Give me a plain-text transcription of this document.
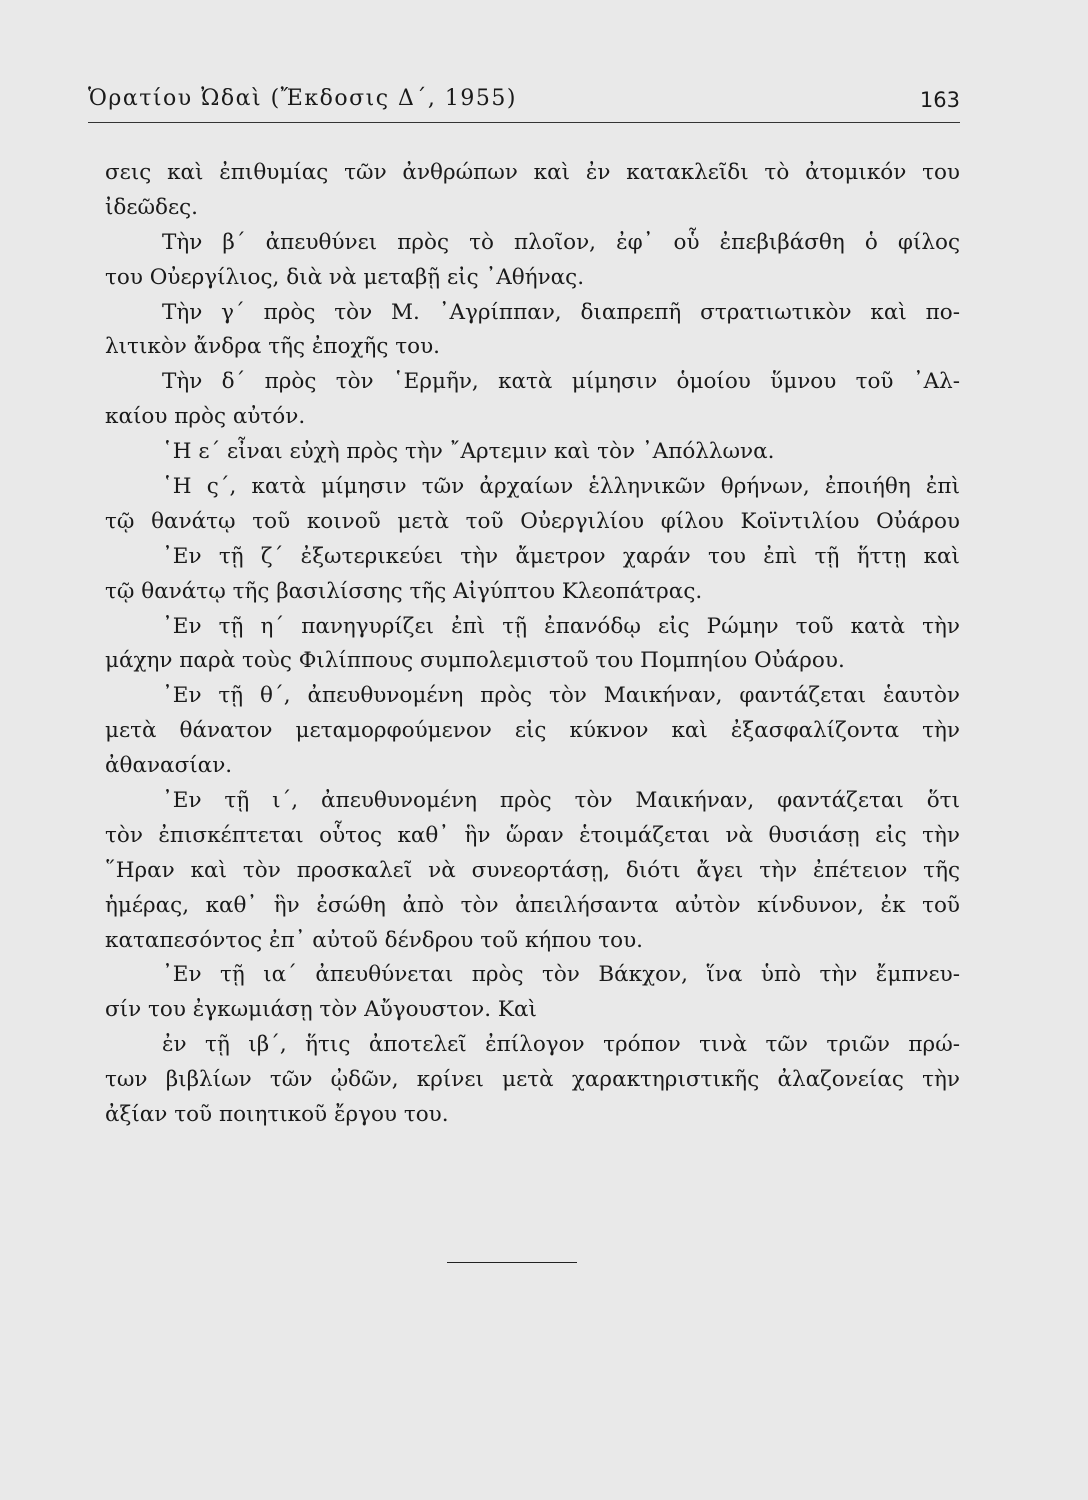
Ὁρατίου Ὠδαὶ (Ἔκδοσις Δ΄, 1955)	163
σεις καὶ ἐπιθυμίας τῶν ἀνθρώπων καὶ ἐν κατακλεῖδι τὸ ἀτομικόν του
ἰδεῶδες.
Τὴν β΄ ἀπευθύνει πρὸς τὸ πλοῖον, ἐφ᾽ οὗ ἐπεβιβάσθη ὁ φίλος
του Οὐεργίλιος, διὰ νὰ μεταβῇ εἰς ᾽Αθήνας.
Τὴν γ΄ πρὸς τὸν Μ. ᾽Αγρίππαν, διαπρεπῆ στρατιωτικὸν καὶ πο-
λιτικὸν ἄνδρα τῆς ἐποχῆς του.
Τὴν δ΄ πρὸς τὸν ῾Ερμῆν, κατὰ μίμησιν ὁμοίου ὕμνου τοῦ ᾽Αλ-
καίου πρὸς αὐτόν.
῾Η ε΄ εἶναι εὐχὴ πρὸς τὴν ῎Αρτεμιν καὶ τὸν ᾽Απόλλωνα.
῾Η ς΄, κατὰ μίμησιν τῶν ἀρχαίων ἑλληνικῶν θρήνων, ἐποιήθη ἐπὶ
τῷ θανάτῳ τοῦ κοινοῦ μετὰ τοῦ Οὐεργιλίου φίλου Κοϊντιλίου Οὐάρου
᾽Εν τῇ ζ΄ ἐξωτερικεύει τὴν ἄμετρον χαράν του ἐπὶ τῇ ἥττῃ καὶ
τῷ θανάτῳ τῆς βασιλίσσης τῆς Αἰγύπτου Κλεοπάτρας.
᾽Εν τῇ η΄ πανηγυρίζει ἐπὶ τῇ ἐπανόδῳ εἰς Ρώμην τοῦ κατὰ τὴν
μάχην παρὰ τοὺς Φιλίππους συμπολεμιστοῦ του Πομπηίου Οὐάρου.
᾽Εν τῇ θ΄, ἀπευθυνομένη πρὸς τὸν Μαικήναν, φαντάζεται ἑαυτὸν
μετὰ θάνατον μεταμορφούμενον εἰς κύκνον καὶ ἐξασφαλίζοντα τὴν
ἀθανασίαν.
᾽Εν τῇ ι΄, ἀπευθυνομένη πρὸς τὸν Μαικήναν, φαντάζεται ὅτι
τὸν ἐπισκέπτεται οὗτος καθ᾽ ἣν ὥραν ἑτοιμάζεται νὰ θυσιάσῃ εἰς τὴν
῞Ηραν καὶ τὸν προσκαλεῖ νὰ συνεορτάσῃ, διότι ἄγει τὴν ἐπέτειον τῆς
ἡμέρας, καθ᾽ ἣν ἐσώθη ἀπὸ τὸν ἀπειλήσαντα αὐτὸν κίνδυνον, ἐκ τοῦ
καταπεσόντος ἐπ᾽ αὐτοῦ δένδρου τοῦ κήπου του.
᾽Εν τῇ ια΄ ἀπευθύνεται πρὸς τὸν Βάκχον, ἵνα ὑπὸ τὴν ἔμπνευ-
σίν του ἐγκωμιάσῃ τὸν Αὔγουστον. Καὶ
ἐν τῇ ιβ΄, ἥτις ἀποτελεῖ ἐπίλογον τρόπον τινὰ τῶν τριῶν πρώ-
των βιβλίων τῶν ᾠδῶν, κρίνει μετὰ χαρακτηριστικῆς ἀλαζονείας τὴν
ἀξίαν τοῦ ποιητικοῦ ἔργου του.
